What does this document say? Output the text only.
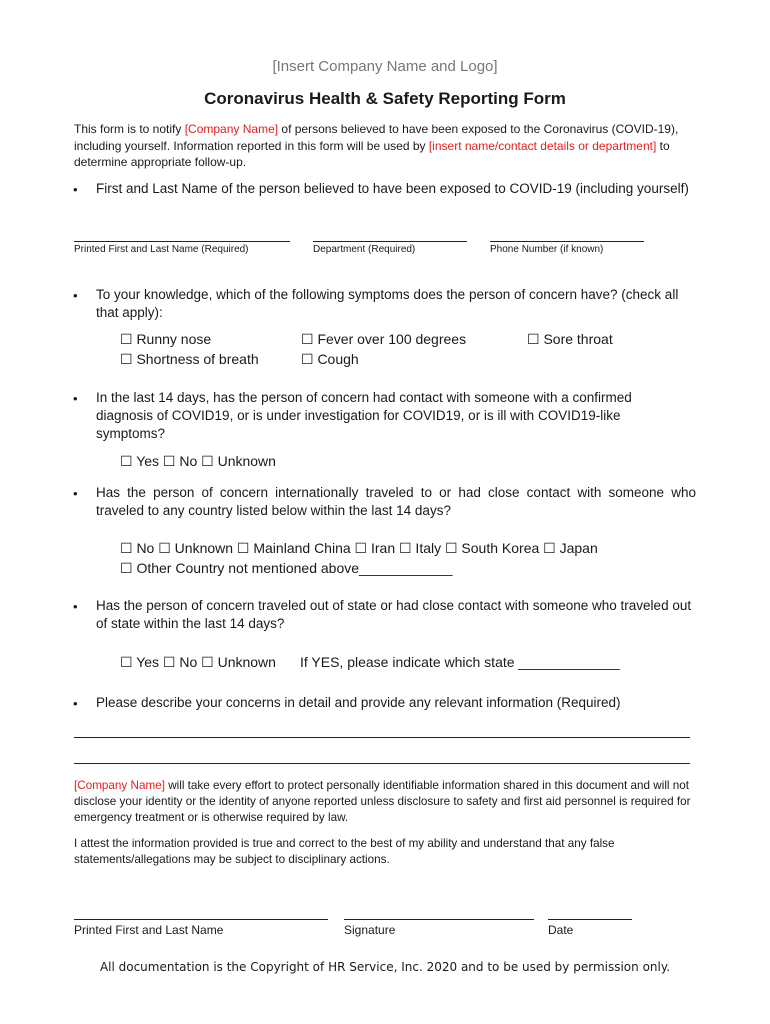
[Insert Company Name and Logo]
Coronavirus Health & Safety Reporting Form
This form is to notify [Company Name] of persons believed to have been exposed to the Coronavirus (COVID-19), including yourself. Information reported in this form will be used by [insert name/contact details or department] to determine appropriate follow-up.
• First and Last Name of the person believed to have been exposed to COVID-19 (including yourself)
Printed First and Last Name (Required)	Department (Required)	Phone Number (if known)
• To your knowledge, which of the following symptoms does the person of concern have? (check all that apply):
☐ Runny nose	☐ Fever over 100 degrees	☐ Sore throat
☐ Shortness of breath	☐ Cough
• In the last 14 days, has the person of concern had contact with someone with a confirmed diagnosis of COVID19, or is under investigation for COVID19, or is ill with COVID19-like symptoms?
☐ Yes ☐ No ☐ Unknown
• Has the person of concern internationally traveled to or had close contact with someone who traveled to any country listed below within the last 14 days?
☐ No ☐ Unknown ☐ Mainland China ☐ Iran ☐ Italy ☐ South Korea ☐ Japan
☐ Other Country not mentioned above____________
• Has the person of concern traveled out of state or had close contact with someone who traveled out of state within the last 14 days?
☐ Yes ☐ No ☐ Unknown If YES, please indicate which state _____________
• Please describe your concerns in detail and provide any relevant information (Required)
[Company Name] will take every effort to protect personally identifiable information shared in this document and will not disclose your identity or the identity of anyone reported unless disclosure to safety and first aid personnel is required for emergency treatment or is otherwise required by law.
I attest the information provided is true and correct to the best of my ability and understand that any false statements/allegations may be subject to disciplinary actions.
Printed First and Last Name	Signature	Date
All documentation is the Copyright of HR Service, Inc. 2020 and to be used by permission only.
